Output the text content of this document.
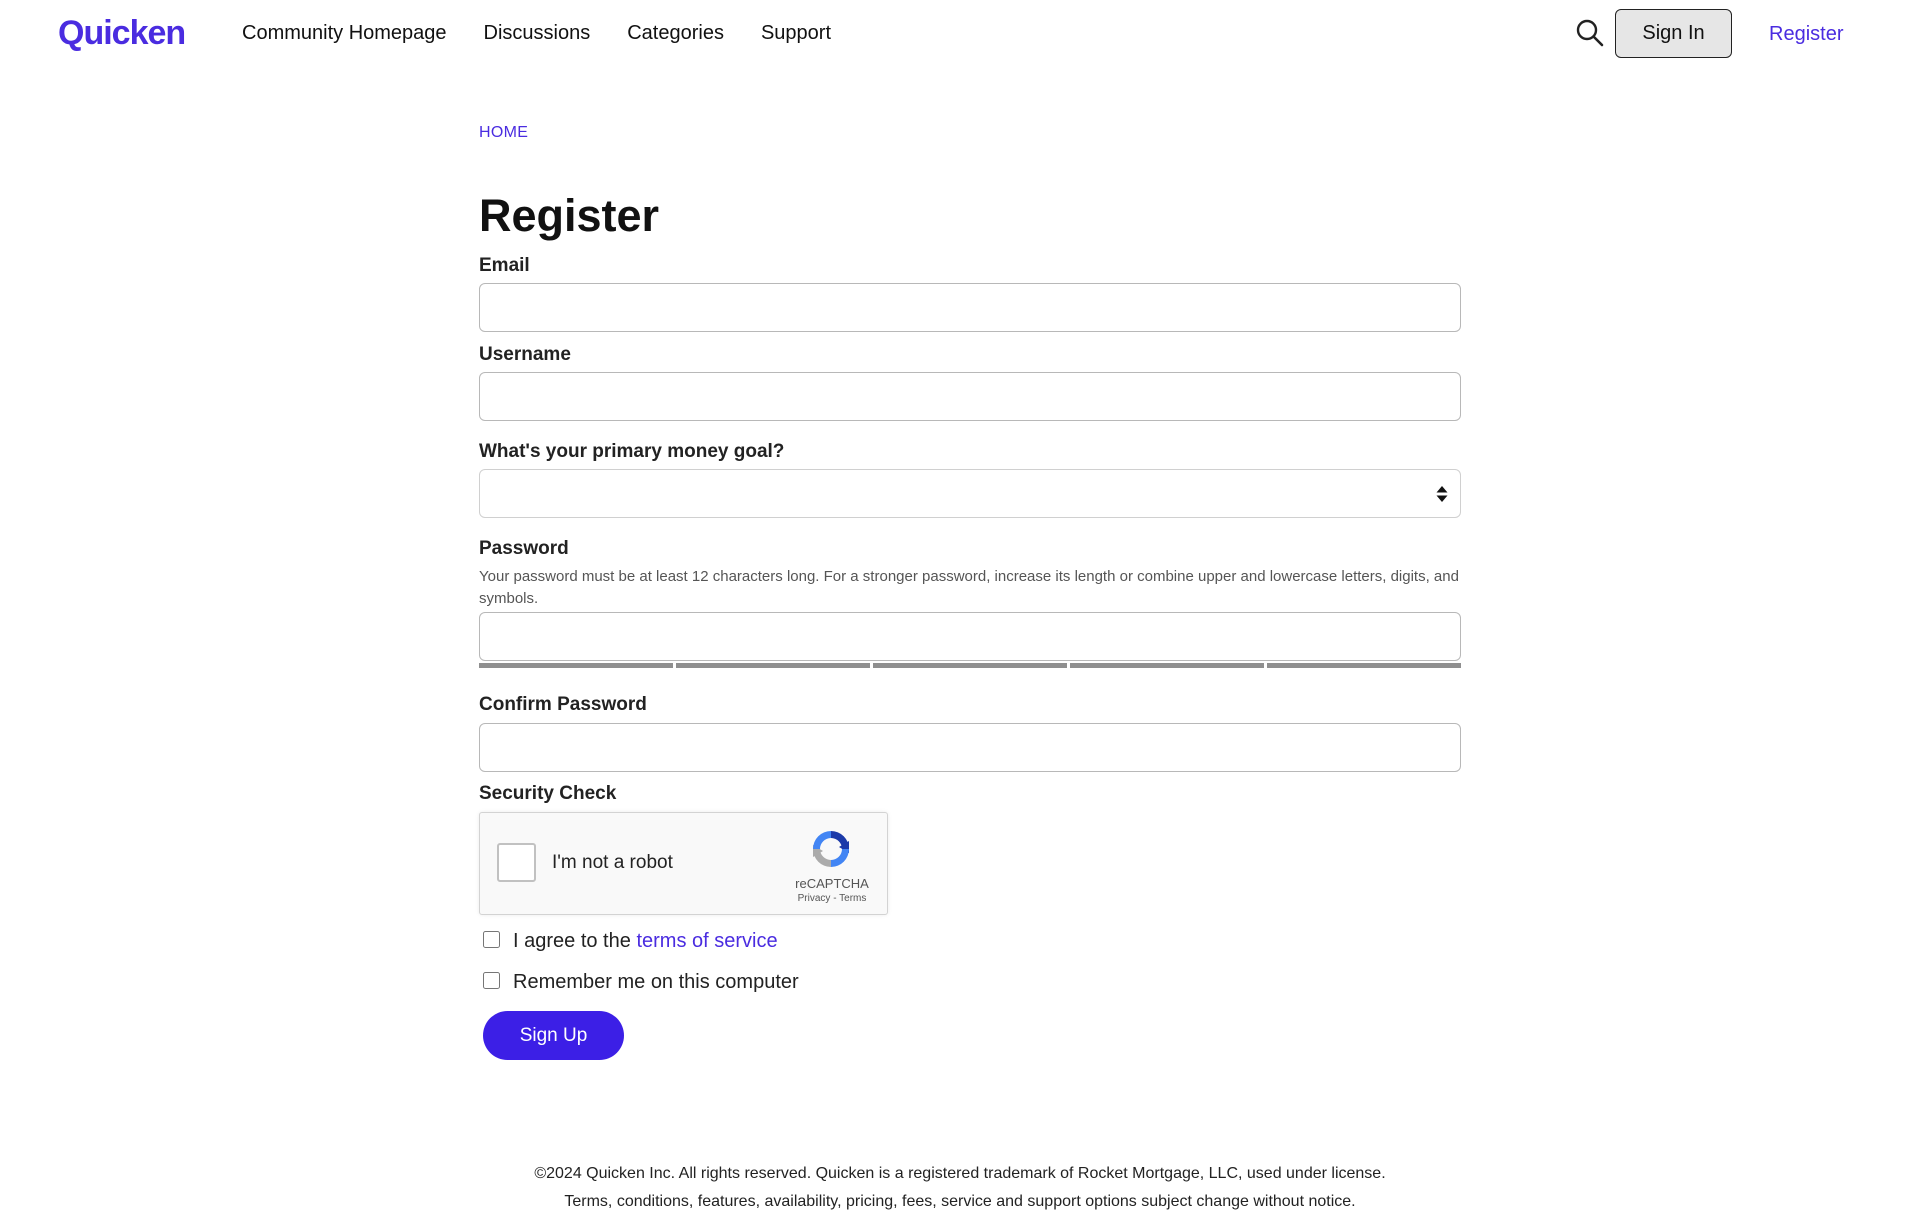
Quicken	Community Homepage Discussions Categories Support	Sign In	Register
HOME
Register
Email
Username
What's your primary money goal?
Password
Your password must be at least 12 characters long. For a stronger password, increase its length or combine upper and lowercase letters, digits, and symbols.
Confirm Password
Security Check
I'm not a robot
reCAPTCHA
Privacy - Terms
I agree to the terms of service
Remember me on this computer
Sign Up
©2024 Quicken Inc. All rights reserved. Quicken is a registered trademark of Rocket Mortgage, LLC, used under license.
Terms, conditions, features, availability, pricing, fees, service and support options subject change without notice.
